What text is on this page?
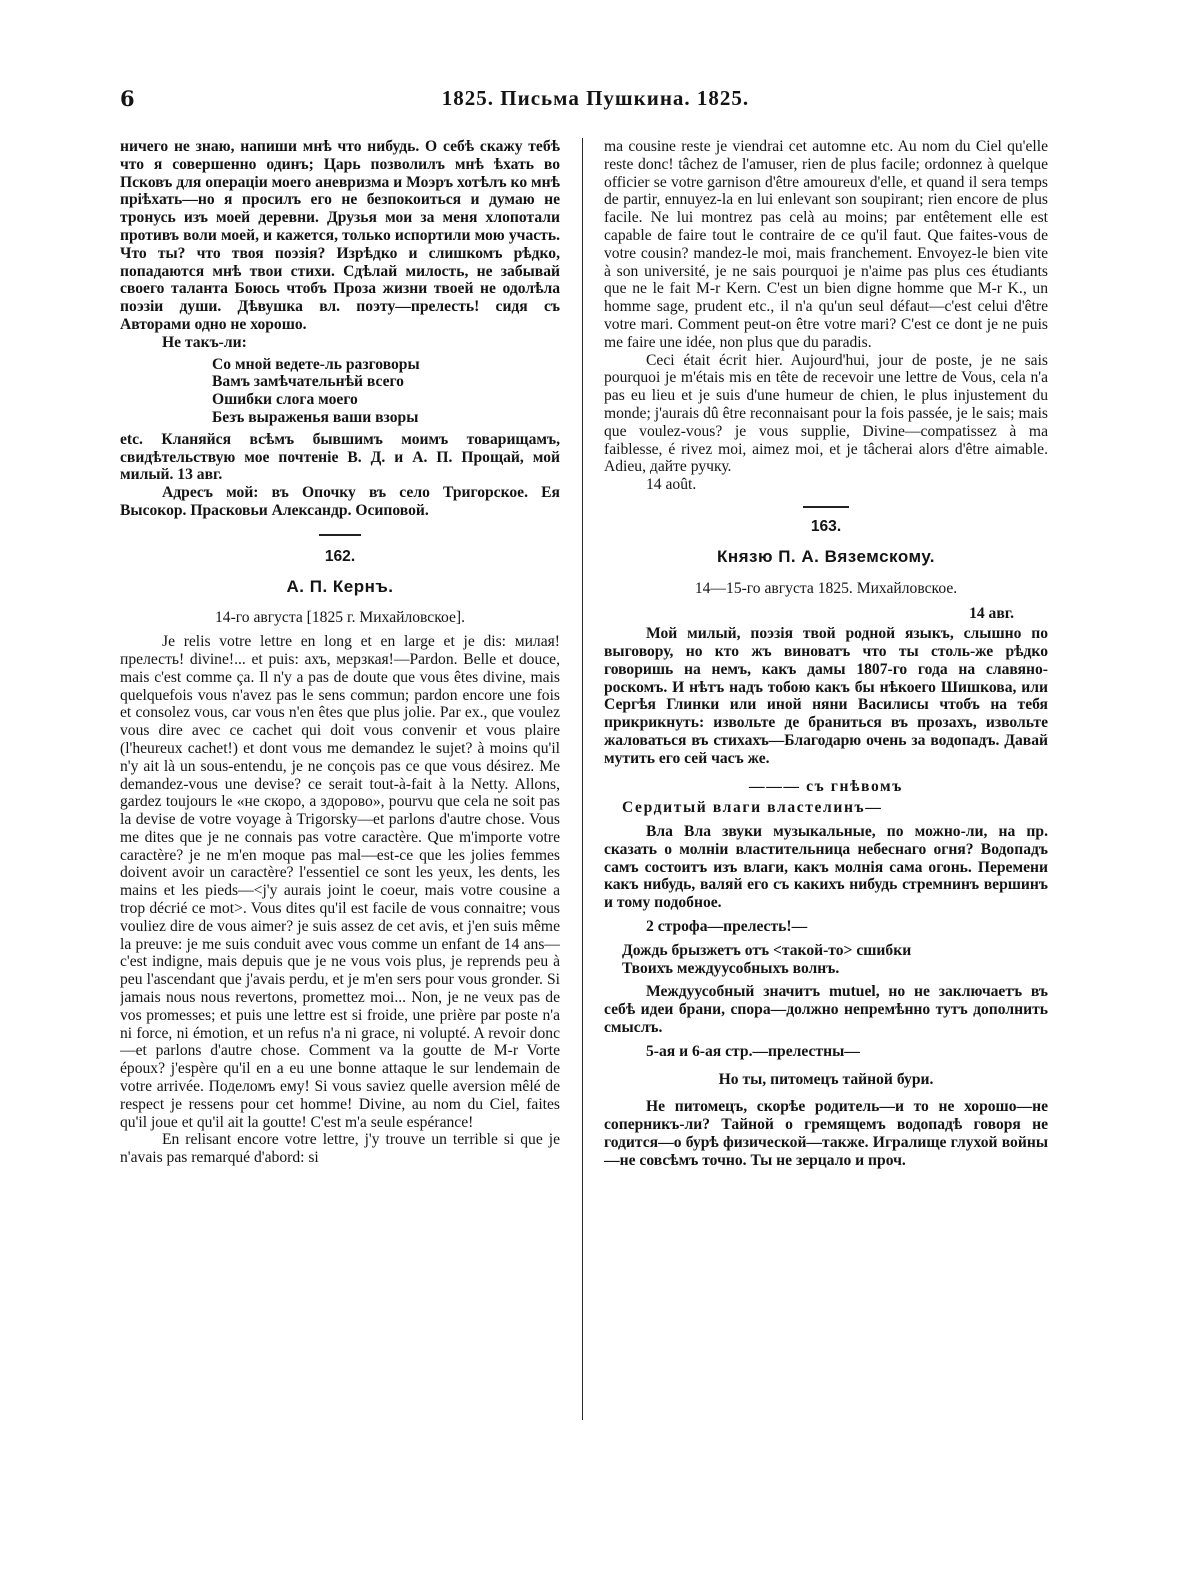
6	1825. Письма Пушкина. 1825.

ничего не знаю, напиши мнѣ что нибудь. О себѣ скажу тебѣ что я совершенно одинъ; Царь позволилъ мнѣ ѣхать во Псковъ для операціи моего аневризма и Моэръ хотѣлъ ко мнѣ пріѣхать—но я просилъ его не безпокоиться и думаю не тронусь изъ моей деревни. Друзья мои за меня хлопотали противъ воли моей, и кажется, только испортили мою участь. Что ты? что твоя поэзія? Изрѣдко и слишкомъ рѣдко, попадаются мнѣ твои стихи. Сдѣлай милость, не забывай своего таланта Боюсь чтобъ Проза жизни твоей не одолѣла поэзіи души. Дѣвушка вл. поэту—прелесть! сидя съ Авторами одно не хорошо.

Не такъ-ли:

Со мной ведете-ль разговоры
Вамъ замѣчательнѣй всего
Ошибки слога моего
Безъ выраженья ваши взоры

etc. Кланяйся всѣмъ бывшимъ моимъ товарищамъ, свидѣтельствую мое почтеніе В. Д. и А. П. Прощай, мой милый. 13 авг.

Адресъ мой: въ Опочку въ село Тригорское. Ея Высокор. Прасковьи Александр. Осиповой.

162.
А. П. Кернъ.
14-го августа [1825 г. Михайловское].

Je relis votre lettre en long et en large et je dis: милая! прелесть! divine!... et puis: ахъ, мерзкая!—Pardon. Belle et douce, mais c'est comme ça. Il n'y a pas de doute que vous êtes divine, mais quelquefois vous n'avez pas le sens commun; pardon encore une fois et consolez vous, car vous n'en êtes que plus jolie. Par ex., que voulez vous dire avec ce cachet qui doit vous convenir et vous plaire (l'heureux cachet!) et dont vous me demandez le sujet? à moins qu'il n'y ait là un sous-entendu, je ne conçois pas ce que vous désirez. Me demandez-vous une devise? ce serait tout-à-fait à la Netty. Allons, gardez toujours le «не скоро, а здорово», pourvu que cela ne soit pas la devise de votre voyage à Trigorsky—et parlons d'autre chose. Vous me dites que je ne connais pas votre caractère. Que m'importe votre caractère? je ne m'en moque pas mal—est-ce que les jolies femmes doivent avoir un caractère? l'essentiel ce sont les yeux, les dents, les mains et les pieds—<j'y aurais joint le coeur, mais votre cousine a trop décrié ce mot>. Vous dites qu'il est facile de vous connaitre; vous vouliez dire de vous aimer? je suis assez de cet avis, et j'en suis même la preuve: je me suis conduit avec vous comme un enfant de 14 ans—c'est indigne, mais depuis que je ne vous vois plus, je reprends peu à peu l'ascendant que j'avais perdu, et je m'en sers pour vous gronder. Si jamais nous nous revertons, promettez moi... Non, je ne veux pas de vos promesses; et puis une lettre est si froide, une prière par poste n'a ni force, ni émotion, et un refus n'a ni grace, ni volupté. A revoir donc—et parlons d'autre chose. Comment va la goutte de M-r Vorte époux? j'espère qu'il en a eu une bonne attaque le sur lendemain de votre arrivée. Поделомъ ему! Si vous saviez quelle aversion mêlé de respect je ressens pour cet homme! Divine, au nom du Ciel, faites qu'il joue et qu'il ait la goutte! C'est m'a seule espérance!

En relisant encore votre lettre, j'y trouve un terrible si que je n'avais pas remarqué d'abord: si

ma cousine reste je viendrai cet automne etc. Au nom du Ciel qu'elle reste donc! tâchez de l'amuser, rien de plus facile; ordonnez à quelque officier se votre garnison d'être amoureux d'elle, et quand il sera temps de partir, ennuyez-la en lui enlevant son soupirant; rien encore de plus facile. Ne lui montrez pas celà au moins; par entêtement elle est capable de faire tout le contraire de ce qu'il faut. Que faites-vous de votre cousin? mandez-le moi, mais franchement. Envoyez-le bien vite à son université, je ne sais pourquoi je n'aime pas plus ces étudiants que ne le fait M-r Kern. C'est un bien digne homme que M-r K., un homme sage, prudent etc., il n'a qu'un seul défaut—c'est celui d'être votre mari. Comment peut-on être votre mari? C'est ce dont je ne puis me faire une idée, non plus que du paradis.

Ceci était écrit hier. Aujourd'hui, jour de poste, je ne sais pourquoi je m'étais mis en tête de recevoir une lettre de Vous, cela n'a pas eu lieu et je suis d'une humeur de chien, le plus injustement du monde; j'aurais dû être reconnaisant pour la fois passée, je le sais; mais que voulez-vous? je vous supplie, Divine—compatissez à ma faiblesse, é rivez moi, aimez moi, et je tâcherai alors d'être aimable. Adieu, дайте ручку.

14 août.

163.
Князю П. А. Вяземскому.
14—15-го августа 1825. Михайловское.
14 авг.

Мой милый, поэзія твой родной языкъ, слышно по выговору, но кто жъ виноватъ что ты столь-же рѣдко говоришь на немъ, какъ дамы 1807-го года на славяно-роскомъ. И нѣтъ надъ тобою какъ бы нѣкоего Шишкова, или Сергѣя Глинки или иной няни Василисы чтобъ на тебя прикрикнуть: извольте де браниться въ прозахъ, извольте жаловаться въ стихахъ—Благодарю очень за водопадъ. Давай мутить его сей часъ же.

——— съ гнѣвомъ
Сердитый влаги властелинъ—

Вла Вла звуки музыкальные, по можно-ли, на пр. сказать о молніи властительница небеснаго огня? Водопадъ самъ состоитъ изъ влаги, какъ молнія сама огонь. Перемени какъ нибудь, валяй его съ какихъ нибудь стремнинъ вершинъ и тому подобное.

2 строфа—прелесть!—

Дождь брызжетъ отъ <такой-то> сшибки
Твоихъ междуусобныхъ волнъ.

Междуусобный значитъ mutuel, но не заключаетъ въ себѣ идеи брани, спора—должно непремѣнно тутъ дополнить смыслъ.

5-ая и 6-ая стр.—прелестны—

Но ты, питомецъ тайной бури.

Не питомецъ, скорѣе родитель—и то не хорошо—не соперникъ-ли? Тайной о гремящемъ водопадѣ говоря не годится—о бурѣ физической—также. Игралище глухой войны—не совсѣмъ точно. Ты не зерцало и проч.
